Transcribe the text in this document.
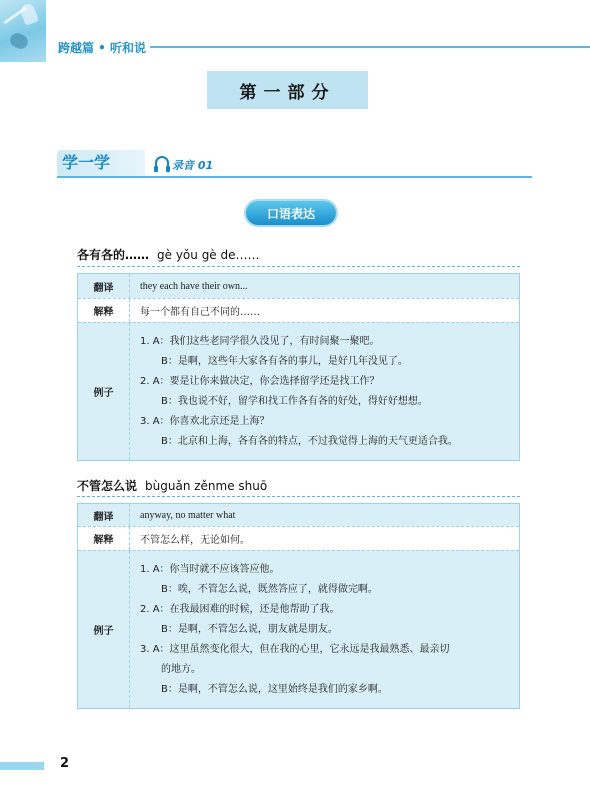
跨越篇 • 听和说
第一部分
学一学	录音 01
口语表达
各有各的…… gè yǒu gè de……
翻译	they each have their own...
解释	每一个都有自己不同的……
例子
1. A：我们这些老同学很久没见了，有时间聚一聚吧。
B：是啊，这些年大家各有各的事儿，是好几年没见了。
2. A：要是让你来做决定，你会选择留学还是找工作？
B：我也说不好，留学和找工作各有各的好处，得好好想想。
3. A：你喜欢北京还是上海？
B：北京和上海，各有各的特点，不过我觉得上海的天气更适合我。
不管怎么说 bùguǎn zěnme shuō
翻译	anyway, no matter what
解释	不管怎么样，无论如何。
例子
1. A：你当时就不应该答应他。
B：唉，不管怎么说，既然答应了，就得做完啊。
2. A：在我最困难的时候，还是他帮助了我。
B：是啊，不管怎么说，朋友就是朋友。
3. A：这里虽然变化很大，但在我的心里，它永远是我最熟悉、最亲切
的地方。
B：是啊，不管怎么说，这里始终是我们的家乡啊。
2
